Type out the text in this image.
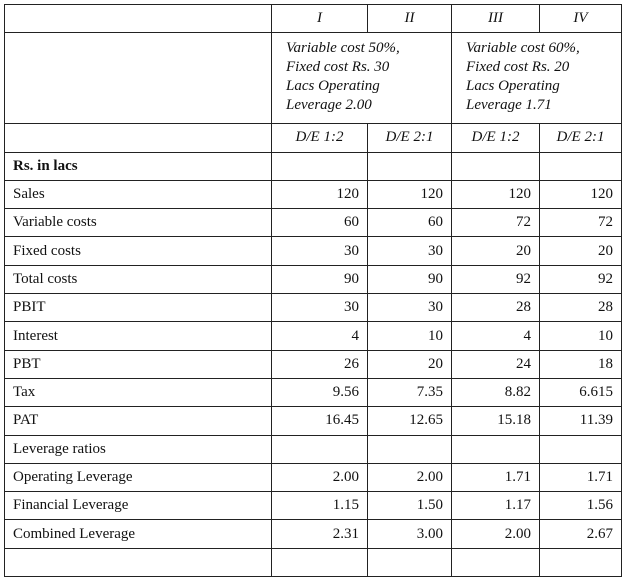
	I	II	III	IV

	Variable cost 50%,
Fixed cost Rs. 30
Lacs Operating
Leverage 2.00		Variable cost 60%,
Fixed cost Rs. 20
Lacs Operating
Leverage 1.71	

	D/E 1:2	D/E 2:1	D/E 1:2	D/E 2:1
Rs. in lacs				
Sales	120	120	120	120
Variable costs	60	60	72	72
Fixed costs	30	30	20	20
Total costs	90	90	92	92
PBIT	30	30	28	28
Interest	4	10	4	10
PBT	26	20	24	18
Tax	9.56	7.35	8.82	6.615
PAT	16.45	12.65	15.18	11.39
Leverage ratios				
Operating Leverage	2.00	2.00	1.71	1.71
Financial Leverage	1.15	1.50	1.17	1.56
Combined Leverage	2.31	3.00	2.00	2.67
